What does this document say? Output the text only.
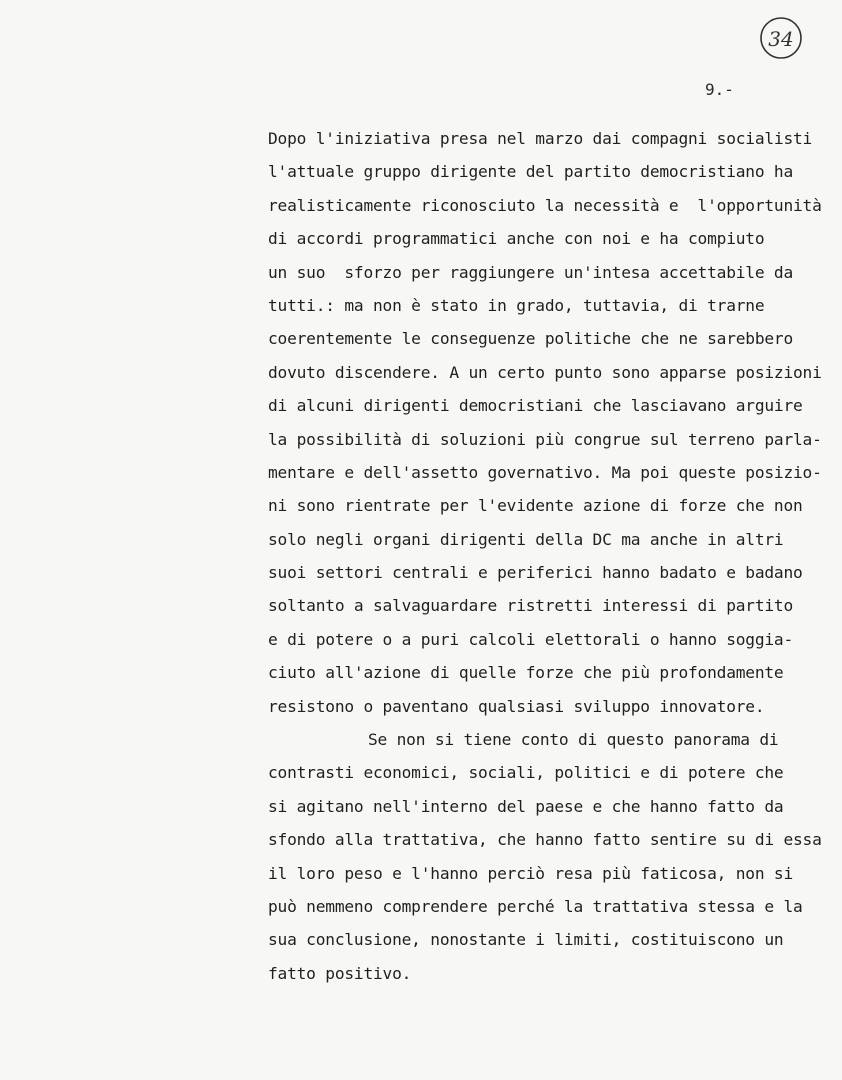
34
9.-
Dopo l'iniziativa presa nel marzo dai compagni socialisti
l'attuale gruppo dirigente del partito democristiano ha
realisticamente riconosciuto la necessità e  l'opportunità
di accordi programmatici anche con noi e ha compiuto
un suo  sforzo per raggiungere un'intesa accettabile da
tutti.: ma non è stato in grado, tuttavia, di trarne
coerentemente le conseguenze politiche che ne sarebbero
dovuto discendere. A un certo punto sono apparse posizioni
di alcuni dirigenti democristiani che lasciavano arguire
la possibilità di soluzioni più congrue sul terreno parla-
mentare e dell'assetto governativo. Ma poi queste posizio-
ni sono rientrate per l'evidente azione di forze che non
solo negli organi dirigenti della DC ma anche in altri
suoi settori centrali e periferici hanno badato e badano
soltanto a salvaguardare ristretti interessi di partito
e di potere o a puri calcoli elettorali o hanno soggia-
ciuto all'azione di quelle forze che più profondamente
resistono o paventano qualsiasi sviluppo innovatore.
Se non si tiene conto di questo panorama di
contrasti economici, sociali, politici e di potere che
si agitano nell'interno del paese e che hanno fatto da
sfondo alla trattativa, che hanno fatto sentire su di essa
il loro peso e l'hanno perciò resa più faticosa, non si
può nemmeno comprendere perché la trattativa stessa e la
sua conclusione, nonostante i limiti, costituiscono un
fatto positivo.
